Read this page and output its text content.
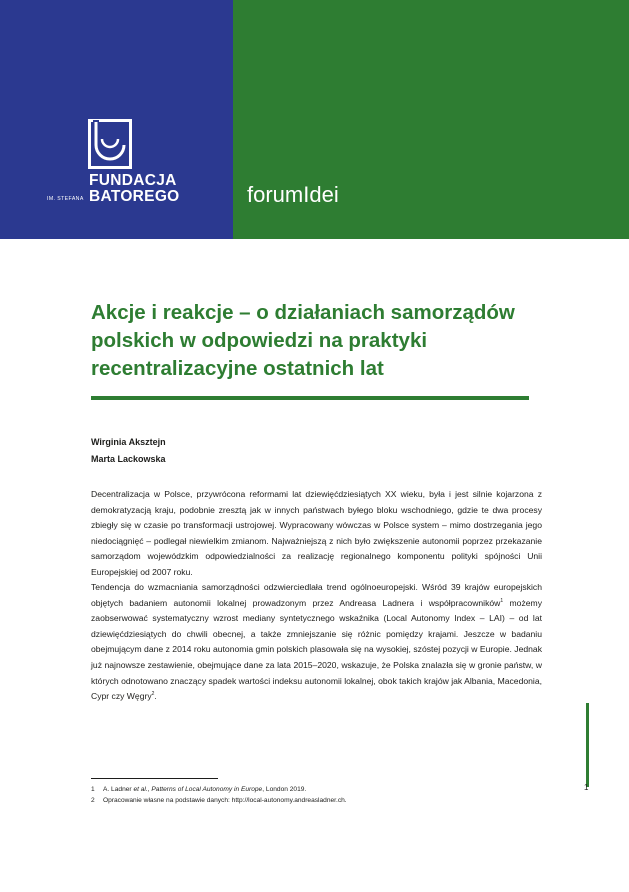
FUNDACJA
IM. STEFANA BATOREGO	forumIdei
Akcje i reakcje – o działaniach samorządów polskich w odpowiedzi na praktyki recentralizacyjne ostatnich lat
Wirginia Aksztejn
Marta Lackowska

Decentralizacja w Polsce, przywrócona reformami lat dziewięćdziesiątych XX wieku, była i jest silnie kojarzona z demokratyzacją kraju, podobnie zresztą jak w innych państwach byłego bloku wschodniego, gdzie te dwa procesy zbiegły się w czasie po transformacji ustrojowej. Wypracowany wówczas w Polsce system – mimo dostrzegania jego niedociągnięć – podlegał niewielkim zmianom. Najważniejszą z nich było zwiększenie autonomii poprzez przekazanie samorządom wojewódzkim odpowiedzialności za realizację regionalnego komponentu polityki spójności Unii Europejskiej od 2007 roku.

Tendencja do wzmacniania samorządności odzwierciedlała trend ogólnoeuropejski. Wśród 39 krajów europejskich objętych badaniem autonomii lokalnej prowadzonym przez Andreasa Ladnera i współpracowników$^1$ możemy zaobserwować systematyczny wzrost mediany syntetycznego wskaźnika (Local Autonomy Index – LAI) – od lat dziewięćdziesiątych do chwili obecnej, a także zmniejszanie się różnic pomiędzy krajami. Jeszcze w badaniu obejmującym dane z 2014 roku autonomia gmin polskich plasowała się na wysokiej, szóstej pozycji w Europie. Jednak już najnowsze zestawienie, obejmujące dane za lata 2015–2020, wskazuje, że Polska znalazła się w gronie państw, w których odnotowano znaczący spadek wartości indeksu autonomii lokalnej, obok takich krajów jak Albania, Macedonia, Cypr czy Węgry$^2$.

1 A. Ladner et al., Patterns of Local Autonomy in Europe, London 2019.
2 Opracowanie własne na podstawie danych: http://local-autonomy.andreasladner.ch.
1
